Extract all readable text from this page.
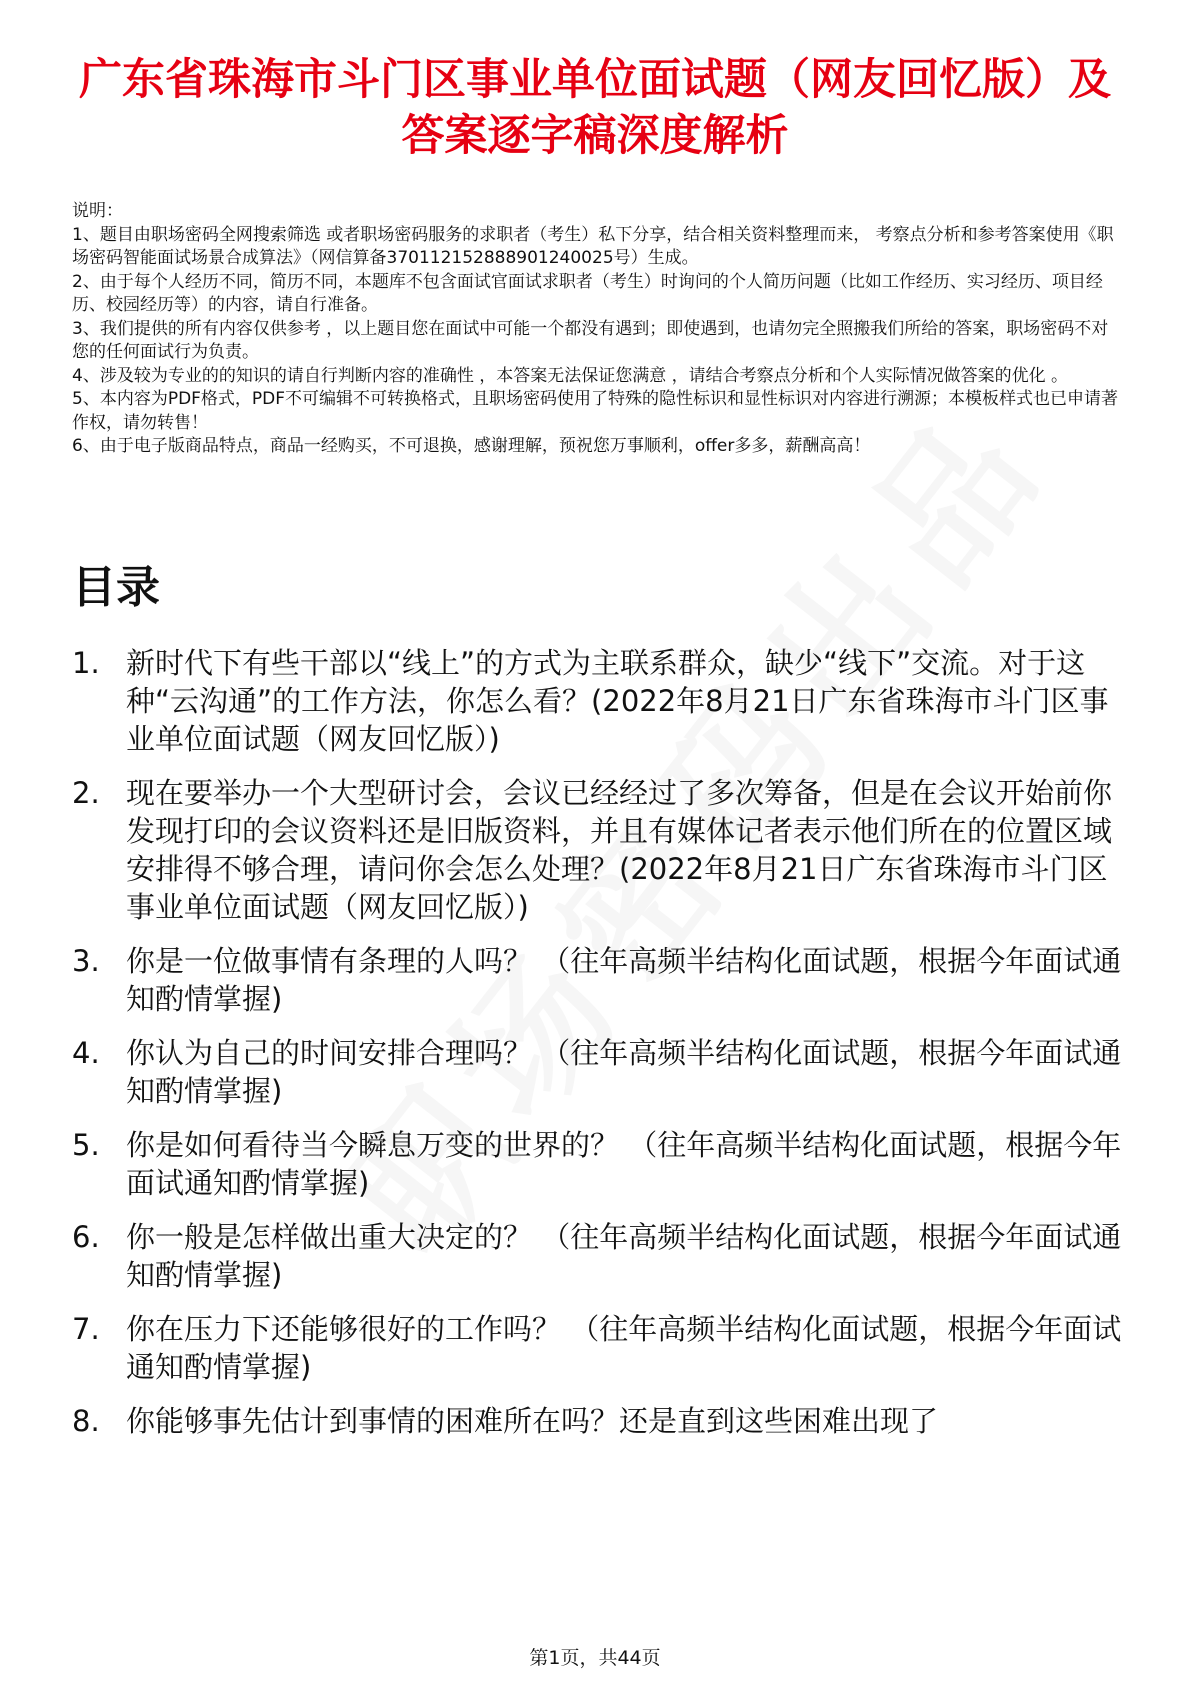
广东省珠海市斗门区事业单位面试题（网友回忆版）及答案逐字稿深度解析

说明：

1、题目由职场密码全网搜索筛选 或者职场密码服务的求职者（考生）私下分享，结合相关资料整理而来， 考察点分析和参考答案使用《职场密码智能面试场景合成算法》（网信算备370112152888901240025号）生成。

2、由于每个人经历不同，简历不同，本题库不包含面试官面试求职者（考生）时询问的个人简历问题（比如工作经历、实习经历、项目经历、校园经历等）的内容，请自行准备。

3、我们提供的所有内容仅供参考 ，以上题目您在面试中可能一个都没有遇到；即使遇到，也请勿完全照搬我们所给的答案，职场密码不对您的任何面试行为负责。

4、涉及较为专业的的知识的请自行判断内容的准确性 ，本答案无法保证您满意 ，请结合考察点分析和个人实际情况做答案的优化 。

5、本内容为PDF格式，PDF不可编辑不可转换格式，且职场密码使用了特殊的隐性标识和显性标识对内容进行溯源；本模板样式也已申请著作权，请勿转售！

6、由于电子版商品特点，商品一经购买，不可退换，感谢理解，预祝您万事顺利，offer多多，薪酬高高！

目录
1. 新时代下有些干部以“线上”的方式为主联系群众，缺少“线下”交流。对于这种“云沟通”的工作方法，你怎么看？(2022年8月21日广东省珠海市斗门区事业单位面试题（网友回忆版）)
2. 现在要举办一个大型研讨会，会议已经经过了多次筹备，但是在会议开始前你发现打印的会议资料还是旧版资料，并且有媒体记者表示他们所在的位置区域安排得不够合理，请问你会怎么处理？(2022年8月21日广东省珠海市斗门区事业单位面试题（网友回忆版）)
3. 你是一位做事情有条理的人吗？ （往年高频半结构化面试题，根据今年面试通知酌情掌握)
4. 你认为自己的时间安排合理吗？ （往年高频半结构化面试题，根据今年面试通知酌情掌握)
5. 你是如何看待当今瞬息万变的世界的？ （往年高频半结构化面试题，根据今年面试通知酌情掌握)
6. 你一般是怎样做出重大决定的？ （往年高频半结构化面试题，根据今年面试通知酌情掌握)
7. 你在压力下还能够很好的工作吗？ （往年高频半结构化面试题，根据今年面试通知酌情掌握)
8. 你能够事先估计到事情的困难所在吗？还是直到这些困难出现了
第1页，共44页
